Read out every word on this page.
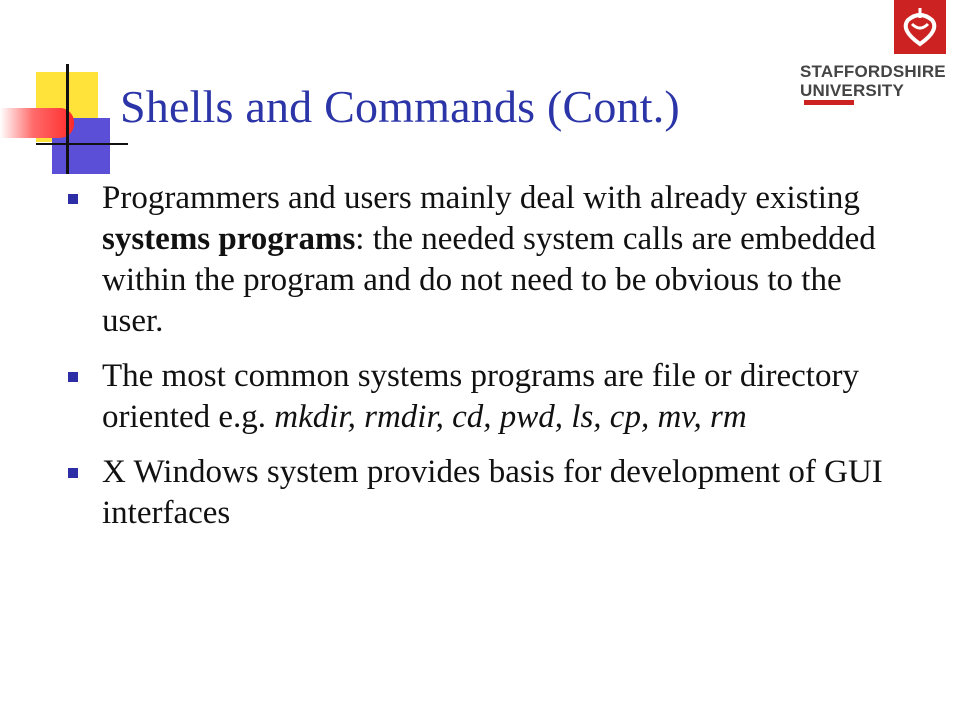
STAFFORDSHIRE
UNIVERSITY
Shells and Commands (Cont.)
Programmers and users mainly deal with already existing systems programs: the needed system calls are embedded within the program and do not need to be obvious to the user.
The most common systems programs are file or directory oriented e.g. mkdir, rmdir, cd, pwd, ls, cp, mv, rm
X Windows system provides basis for development of GUI interfaces
